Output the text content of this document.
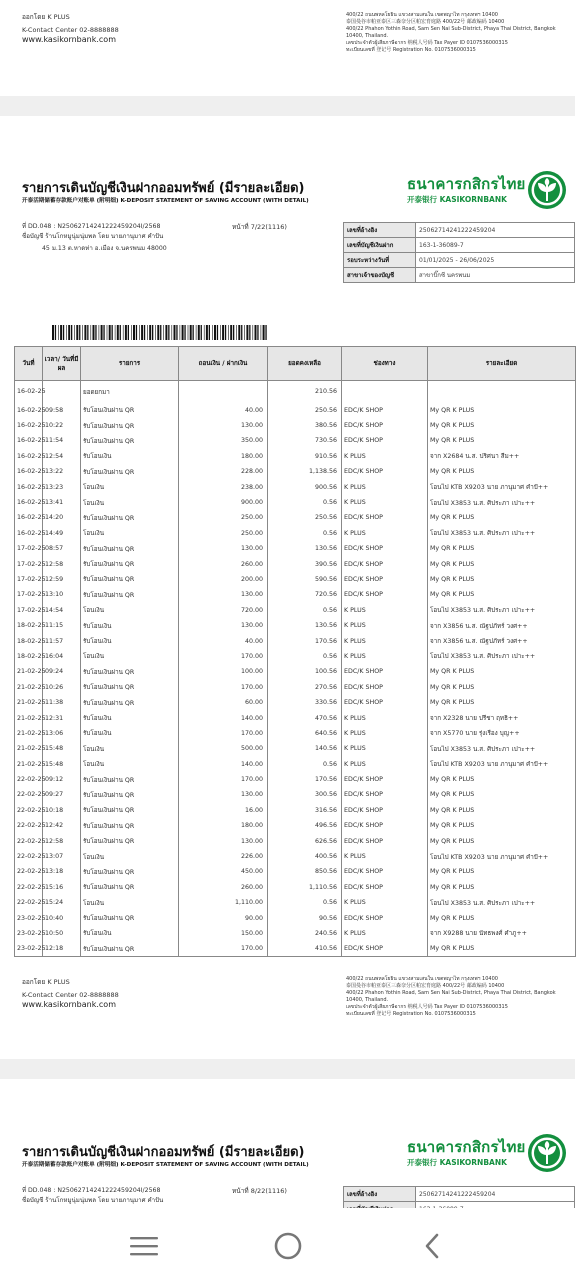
ออกโดย K PLUS
K-Contact Center 02-8888888
www.kasikornbank.com
400/22 ถนนพหลโยธิน แขวงสามเสนใน เขตพญาไท กรุงเทพฯ 10400
泰国曼谷市帕亚泰区三森奈分区帕宏育庭路 400/22号 邮政编码 10400
400/22 Phahon Yothin Road, Sam Sen Nai Sub-District, Phaya Thai District, Bangkok 10400, Thailand.
เลขประจำตัวผู้เสียภาษีอากร 纳税人号码 Tax Payer ID 0107536000315
ทะเบียนเลขที่ 登记号 Registration No. 0107536000315
รายการเดินบัญชีเงินฝากออมทรัพย์ (มีรายละเอียด)
开泰活期储蓄存款账户对账单 (附明细) K-DEPOSIT STATEMENT OF SAVING ACCOUNT (WITH DETAIL)
ธนาคารกสิกรไทย
开泰银行 KASIKORNBANK
ที่ DD.048 : N25062714241222459204I/2568
ชื่อบัญชี ร้านโกหมูนุ่มนุ่มพล โดย นายภานุมาศ คำปัน
45 ม.13 ต.หาดท่า อ.เมือง จ.นครพนม 48000
หน้าที่ 7/22(1116)	เลขที่อ้างอิง	25062714241222459204
เลขที่บัญชีเงินฝาก	163-1-36089-7
รอบระหว่างวันที่	01/01/2025 - 26/06/2025
สาขาเจ้าของบัญชี	สาขาบิ๊กซี นครพนม
วันที่	เวลา/ วันที่มีผล	รายการ	ถอนเงิน / ฝากเงิน	ยอดคงเหลือ	ช่องทาง	รายละเอียด
16-02-25		ยอดยกมา		210.56		
16-02-25	09:58	รับโอนเงินผ่าน QR	40.00	250.56	EDC/K SHOP	My QR K PLUS
16-02-25	10:22	รับโอนเงินผ่าน QR	130.00	380.56	EDC/K SHOP	My QR K PLUS
16-02-25	11:54	รับโอนเงินผ่าน QR	350.00	730.56	EDC/K SHOP	My QR K PLUS
16-02-25	12:54	รับโอนเงิน	180.00	910.56	K PLUS	จาก X2684 น.ส. ปริศนา สีม++
16-02-25	13:22	รับโอนเงินผ่าน QR	228.00	1,138.56	EDC/K SHOP	My QR K PLUS
16-02-25	13:23	โอนเงิน	238.00	900.56	K PLUS	โอนไป KTB X9203 นาย ภานุมาศ คำปั++
16-02-25	13:41	โอนเงิน	900.00	0.56	K PLUS	โอนไป X3853 น.ส. ศิประภา เปาะ++
16-02-25	14:20	รับโอนเงินผ่าน QR	250.00	250.56	EDC/K SHOP	My QR K PLUS
16-02-25	14:49	โอนเงิน	250.00	0.56	K PLUS	โอนไป X3853 น.ส. ศิประภา เปาะ++
17-02-25	08:57	รับโอนเงินผ่าน QR	130.00	130.56	EDC/K SHOP	My QR K PLUS
17-02-25	12:58	รับโอนเงินผ่าน QR	260.00	390.56	EDC/K SHOP	My QR K PLUS
17-02-25	12:59	รับโอนเงินผ่าน QR	200.00	590.56	EDC/K SHOP	My QR K PLUS
17-02-25	13:10	รับโอนเงินผ่าน QR	130.00	720.56	EDC/K SHOP	My QR K PLUS
17-02-25	14:54	โอนเงิน	720.00	0.56	K PLUS	โอนไป X3853 น.ส. ศิประภา เปาะ++
18-02-25	11:15	รับโอนเงิน	130.00	130.56	K PLUS	จาก X3856 น.ส. ณัฐปภัทร์ วงศ++
18-02-25	11:57	รับโอนเงิน	40.00	170.56	K PLUS	จาก X3856 น.ส. ณัฐปภัทร์ วงศ++
18-02-25	16:04	โอนเงิน	170.00	0.56	K PLUS	โอนไป X3853 น.ส. ศิประภา เปาะ++
21-02-25	09:24	รับโอนเงินผ่าน QR	100.00	100.56	EDC/K SHOP	My QR K PLUS
21-02-25	10:26	รับโอนเงินผ่าน QR	170.00	270.56	EDC/K SHOP	My QR K PLUS
21-02-25	11:38	รับโอนเงินผ่าน QR	60.00	330.56	EDC/K SHOP	My QR K PLUS
21-02-25	12:31	รับโอนเงิน	140.00	470.56	K PLUS	จาก X2328 นาย ปรีชา ฤทธิ++
21-02-25	13:06	รับโอนเงิน	170.00	640.56	K PLUS	จาก X5770 นาย รุ่งเรือง บุญ++
21-02-25	15:48	โอนเงิน	500.00	140.56	K PLUS	โอนไป X3853 น.ส. ศิประภา เปาะ++
21-02-25	15:48	โอนเงิน	140.00	0.56	K PLUS	โอนไป KTB X9203 นาย ภานุมาศ คำปั++
22-02-25	09:12	รับโอนเงินผ่าน QR	170.00	170.56	EDC/K SHOP	My QR K PLUS
22-02-25	09:27	รับโอนเงินผ่าน QR	130.00	300.56	EDC/K SHOP	My QR K PLUS
22-02-25	10:18	รับโอนเงินผ่าน QR	16.00	316.56	EDC/K SHOP	My QR K PLUS
22-02-25	12:42	รับโอนเงินผ่าน QR	180.00	496.56	EDC/K SHOP	My QR K PLUS
22-02-25	12:58	รับโอนเงินผ่าน QR	130.00	626.56	EDC/K SHOP	My QR K PLUS
22-02-25	13:07	โอนเงิน	226.00	400.56	K PLUS	โอนไป KTB X9203 นาย ภานุมาศ คำปั++
22-02-25	13:18	รับโอนเงินผ่าน QR	450.00	850.56	EDC/K SHOP	My QR K PLUS
22-02-25	15:16	รับโอนเงินผ่าน QR	260.00	1,110.56	EDC/K SHOP	My QR K PLUS
22-02-25	15:24	โอนเงิน	1,110.00	0.56	K PLUS	โอนไป X3853 น.ส. ศิประภา เปาะ++
23-02-25	10:40	รับโอนเงินผ่าน QR	90.00	90.56	EDC/K SHOP	My QR K PLUS
23-02-25	10:50	รับโอนเงิน	150.00	240.56	K PLUS	จาก X9288 นาย นัทธพงศ์ คำภู++
23-02-25	12:18	รับโอนเงินผ่าน QR	170.00	410.56	EDC/K SHOP	My QR K PLUS
ออกโดย K PLUS
K-Contact Center 02-8888888
www.kasikornbank.com
400/22 ถนนพหลโยธิน แขวงสามเสนใน เขตพญาไท กรุงเทพฯ 10400
泰国曼谷市帕亚泰区三森奈分区帕宏育庭路 400/22号 邮政编码 10400
400/22 Phahon Yothin Road, Sam Sen Nai Sub-District, Phaya Thai District, Bangkok 10400, Thailand.
เลขประจำตัวผู้เสียภาษีอากร 纳税人号码 Tax Payer ID 0107536000315
ทะเบียนเลขที่ 登记号 Registration No. 0107536000315
รายการเดินบัญชีเงินฝากออมทรัพย์ (มีรายละเอียด)
开泰活期储蓄存款账户对账单 (附明细) K-DEPOSIT STATEMENT OF SAVING ACCOUNT (WITH DETAIL)
ธนาคารกสิกรไทย
开泰银行 KASIKORNBANK
ที่ DD.048 : N25062714241222459204I/2568
ชื่อบัญชี ร้านโกหมูนุ่มนุ่มพล โดย นายภานุมาศ คำปัน
หน้าที่ 8/22(1116)	เลขที่อ้างอิง	25062714241222459204
